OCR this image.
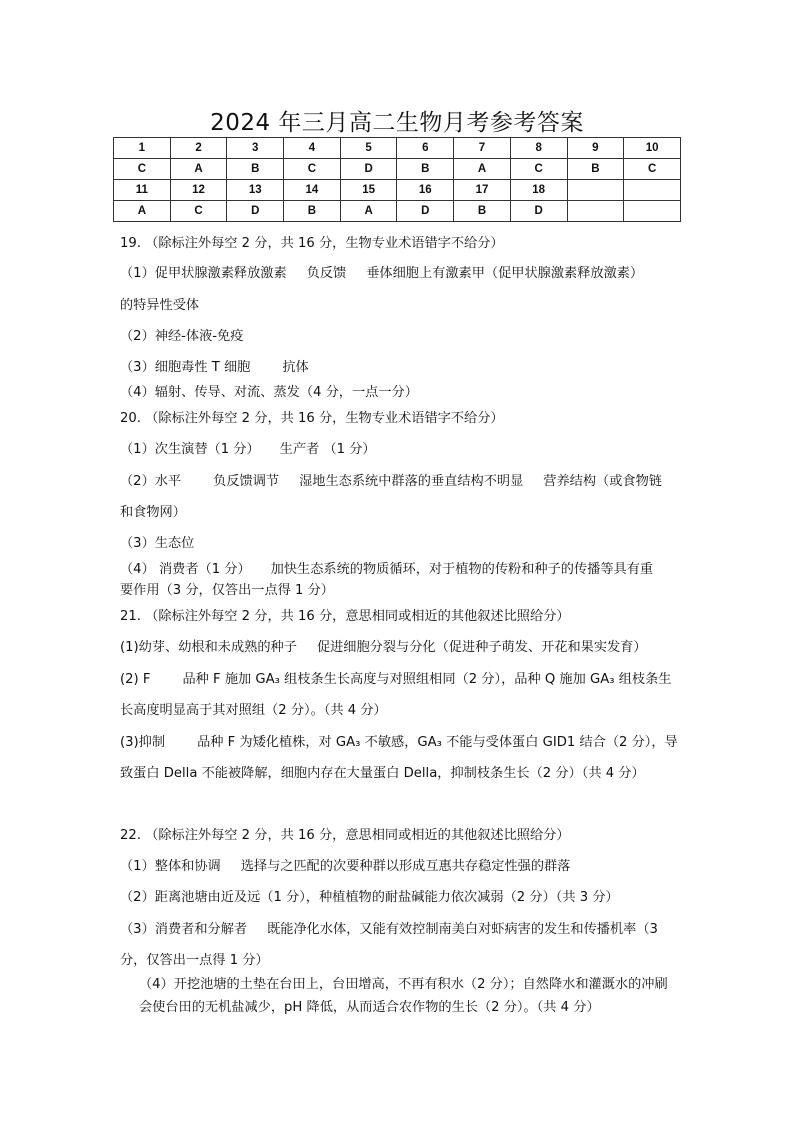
2024 年三月高二生物月考参考答案
1	2	3	4	5	6	7	8	9	10
C	A	B	C	D	B	A	C	B	C
11	12	13	14	15	16	17	18		
A	C	D	B	A	D	B	D		
19. （除标注外每空 2 分，共 16 分，生物专业术语错字不给分）
（1）促甲状腺激素释放激素 负反馈 垂体细胞上有激素甲（促甲状腺激素释放激素）
的特异性受体
（2）神经-体液-免疫
（3）细胞毒性 T 细胞 抗体
（4）辐射、传导、对流、蒸发（4 分，一点一分）
20. （除标注外每空 2 分，共 16 分，生物专业术语错字不给分）
（1）次生演替（1 分） 生产者 （1 分）
（2）水平 负反馈调节 湿地生态系统中群落的垂直结构不明显 营养结构（或食物链
和食物网）
（3）生态位
（4） 消费者（1 分） 加快生态系统的物质循环，对于植物的传粉和种子的传播等具有重
要作用（3 分，仅答出一点得 1 分）
21. （除标注外每空 2 分，共 16 分，意思相同或相近的其他叙述比照给分）
(1)幼芽、幼根和未成熟的种子 促进细胞分裂与分化（促进种子萌发、开花和果实发育）
(2) F 品种 F 施加 GA₃ 组枝条生长高度与对照组相同（2 分），品种 Q 施加 GA₃ 组枝条生
长高度明显高于其对照组（2 分）。（共 4 分）
(3)抑制 品种 F 为矮化植株，对 GA₃ 不敏感，GA₃ 不能与受体蛋白 GID1 结合（2 分），导
致蛋白 Della 不能被降解，细胞内存在大量蛋白 Della，抑制枝条生长（2 分）（共 4 分）
22. （除标注外每空 2 分，共 16 分，意思相同或相近的其他叙述比照给分）
（1）整体和协调 选择与之匹配的次要种群以形成互惠共存稳定性强的群落
（2）距离池塘由近及远（1 分），种植植物的耐盐碱能力依次减弱（2 分）（共 3 分）
（3）消费者和分解者 既能净化水体，又能有效控制南美白对虾病害的发生和传播机率（3
分，仅答出一点得 1 分）
（4）开挖池塘的土垫在台田上，台田增高，不再有积水（2 分）；自然降水和灌溉水的冲刷
会使台田的无机盐减少，pH 降低，从而适合农作物的生长（2 分）。（共 4 分）
